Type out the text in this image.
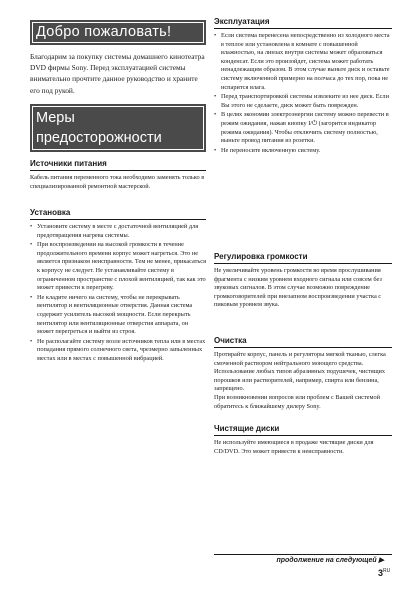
Добро пожаловать!

Благодарим за покупку системы домашнего кинотеатра DVD фирмы Sony. Перед эксплуатацией системы внимательно прочтите данное руководство и храните его под рукой.

Меры
предосторожности
Источники питания

Кабель питания переменного тока необходимо заменять только в специализированной ремонтной мастерской.

Установка
• Установите систему в месте с достаточной вентиляцией для предотвращения нагрева системы.
• При воспроизведении на высокой громкости в течение продолжительного времени корпус может нагреться. Это не является признаком неисправности. Тем не менее, прикасаться к корпусу не следует. Не устанавливайте систему в ограниченном пространстве с плохой вентиляцией, так как это может привести к перегреву.
• Не кладите ничего на систему, чтобы не перекрывать вентилятор и вентиляционные отверстия. Данная система содержит усилитель высокой мощности. Если перекрыть вентилятор или вентиляционные отверстия аппарата, он может перегреться и выйти из строя.
• Не располагайте систему возле источников тепла или в местах попадания прямого солнечного света, чрезмерно запыленных местах или в местах с повышенной вибрацией.
Эксплуатация
• Если система перенесена непосредственно из холодного места в теплое или установлена в комнате с повышенной влажностью, на линзах внутри системы может образоваться конденсат. Если это произойдет, система может работать ненадлежащим образом. В этом случае выньте диск и оставьте систему включенной примерно на полчаса до тех пор, пока не испарится влага.
• Перед транспортировкой системы извлеките из нее диск. Если Вы этого не сделаете, диск может быть поврежден.
• В целях экономии электроэнергии систему можно перевести в режим ожидания, нажав кнопку I/⏻ (загорится индикатор режима ожидания). Чтобы отключить систему полностью, выньте провод питания из розетки.
• Не переносите включенную систему.
Регулировка громкости

Не увеличивайте уровень громкости во время прослушивания фрагмента с низким уровнем входного сигнала или совсем без звуковых сигналов. В этом случае возможно повреждение громкоговорителей при внезапном воспроизведении участка с пиковым уровнем звука.

Очистка

Протирайте корпус, панель и регуляторы мягкой тканью, слегка смоченной раствором нейтрального моющего средства. Использование любых типов абразивных подушечек, чистящих порошков или растворителей, например, спирта или бензина, запрещено.

При возникновении вопросов или проблем с Вашей системой обратитесь к ближайшему дилеру Sony.

Чистящие диски

Не используйте имеющиеся в продаже чистящие диски для CD/DVD. Это может привести к неисправности.

продолжение на следующей ▶
$3^{RU}$
